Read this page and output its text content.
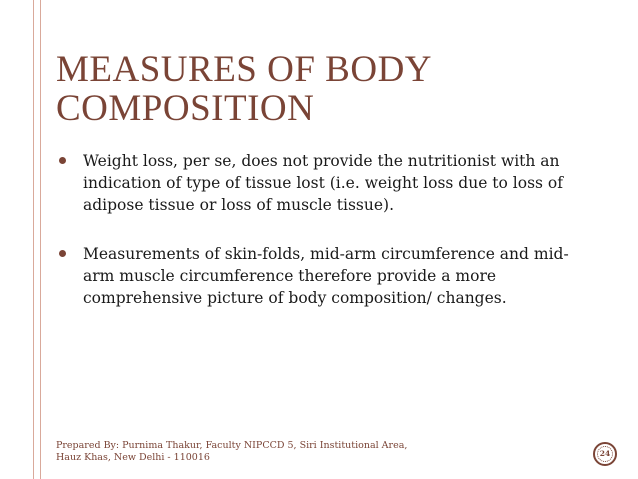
MEASURES OF BODY COMPOSITION
Weight loss, per se, does not provide the nutritionist with an indication of type of tissue lost (i.e. weight loss due to loss of adipose tissue or loss of muscle tissue).
Measurements of skin-folds, mid-arm circumference and mid-arm muscle circumference therefore provide a more comprehensive picture of body composition/ changes.
Prepared By: Purnima Thakur, Faculty NIPCCD 5, Siri Institutional Area,
Hauz Khas, New Delhi - 110016	24
